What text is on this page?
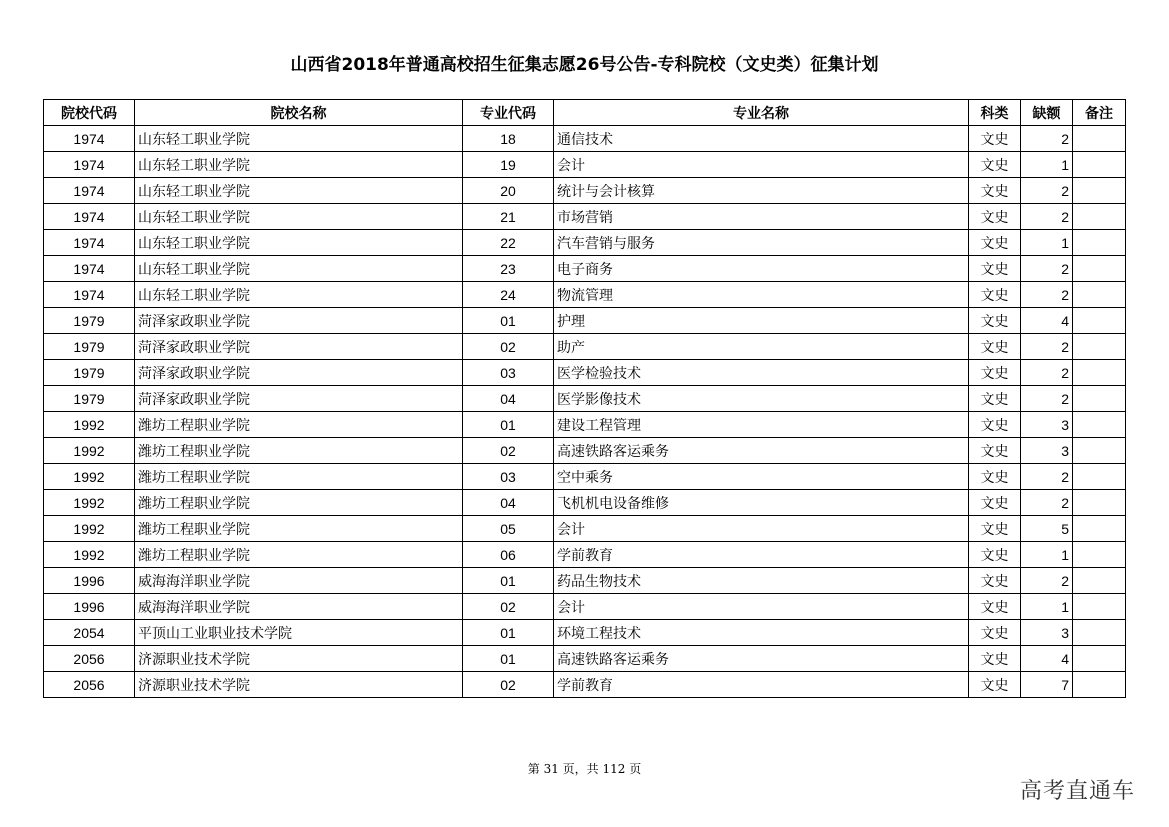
山西省2018年普通高校招生征集志愿26号公告-专科院校（文史类）征集计划
院校代码	院校名称	专业代码	专业名称	科类	缺额	备注
1974	山东轻工职业学院	18	通信技术	文史	2	
1974	山东轻工职业学院	19	会计	文史	1	
1974	山东轻工职业学院	20	统计与会计核算	文史	2	
1974	山东轻工职业学院	21	市场营销	文史	2	
1974	山东轻工职业学院	22	汽车营销与服务	文史	1	
1974	山东轻工职业学院	23	电子商务	文史	2	
1974	山东轻工职业学院	24	物流管理	文史	2	
1979	菏泽家政职业学院	01	护理	文史	4	
1979	菏泽家政职业学院	02	助产	文史	2	
1979	菏泽家政职业学院	03	医学检验技术	文史	2	
1979	菏泽家政职业学院	04	医学影像技术	文史	2	
1992	潍坊工程职业学院	01	建设工程管理	文史	3	
1992	潍坊工程职业学院	02	高速铁路客运乘务	文史	3	
1992	潍坊工程职业学院	03	空中乘务	文史	2	
1992	潍坊工程职业学院	04	飞机机电设备维修	文史	2	
1992	潍坊工程职业学院	05	会计	文史	5	
1992	潍坊工程职业学院	06	学前教育	文史	1	
1996	威海海洋职业学院	01	药品生物技术	文史	2	
1996	威海海洋职业学院	02	会计	文史	1	
2054	平顶山工业职业技术学院	01	环境工程技术	文史	3	
2056	济源职业技术学院	01	高速铁路客运乘务	文史	4	
2056	济源职业技术学院	02	学前教育	文史	7	
第 31 页，共 112 页
高考直通车
